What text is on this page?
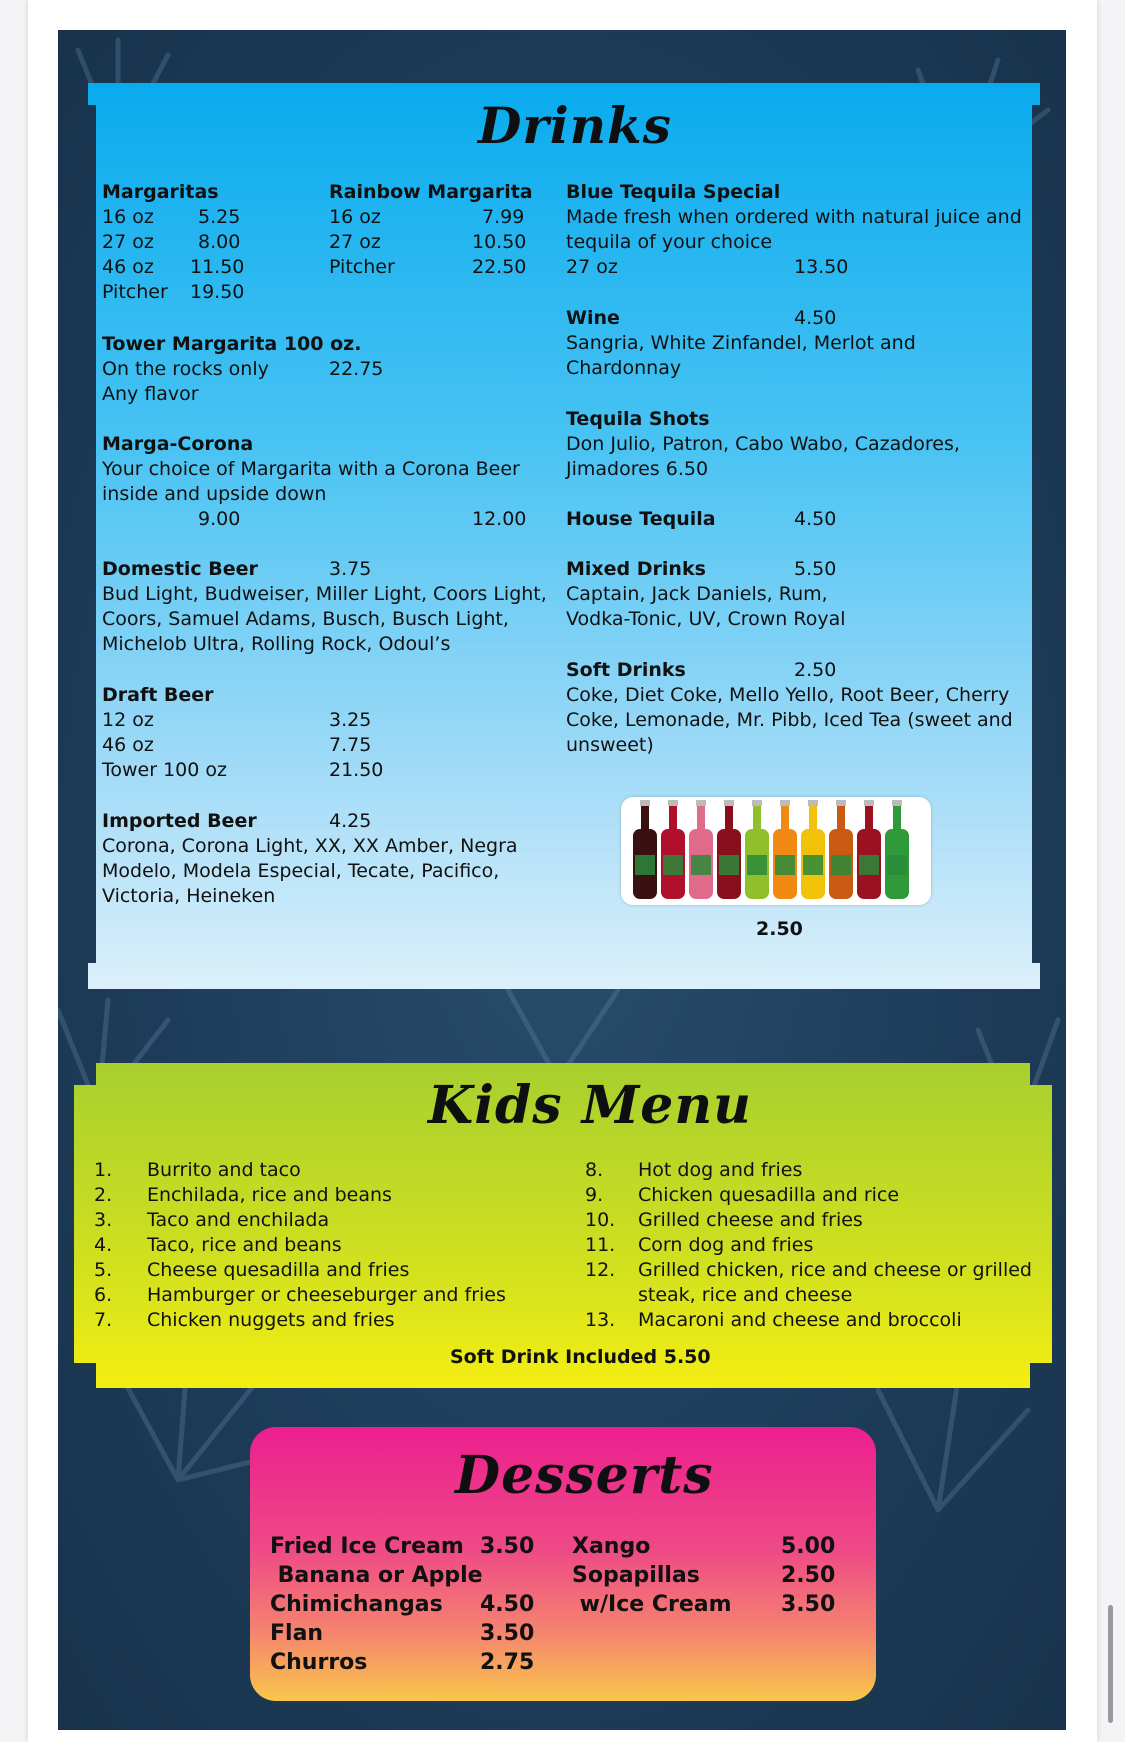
Drinks
Margaritas
16 oz 5.25
27 oz 8.00
46 oz 11.50
Pitcher 19.50
Rainbow Margarita
16 oz	7.99
27 oz	10.50
Pitcher	22.50
Tower Margarita 100 oz.
On the rocks only	22.75
Any flavor
Marga-Corona
Your choice of Margarita with a Corona Beer
inside and upside down
9.00	12.00
Domestic Beer	3.75
Bud Light, Budweiser, Miller Light, Coors Light,
Coors, Samuel Adams, Busch, Busch Light,
Michelob Ultra, Rolling Rock, Odoul’s
Draft Beer
12 oz	3.25
46 oz	7.75
Tower 100 oz	21.50
Imported Beer	4.25
Corona, Corona Light, XX, XX Amber, Negra
Modelo, Modela Especial, Tecate, Pacifico,
Victoria, Heineken
Blue Tequila Special
Made fresh when ordered with natural juice and
tequila of your choice
27 oz	13.50
Wine	4.50
Sangria, White Zinfandel, Merlot and
Chardonnay
Tequila Shots
Don Julio, Patron, Cabo Wabo, Cazadores,
Jimadores 6.50
House Tequila	4.50
Mixed Drinks	5.50
Captain, Jack Daniels, Rum,
Vodka-Tonic, UV, Crown Royal
Soft Drinks	2.50
Coke, Diet Coke, Mello Yello, Root Beer, Cherry
Coke, Lemonade, Mr. Pibb, Iced Tea (sweet and
unsweet)
2.50
Kids Menu
1. Burrito and taco
2. Enchilada, rice and beans
3. Taco and enchilada
4. Taco, rice and beans
5. Cheese quesadilla and fries
6. Hamburger or cheeseburger and fries
7. Chicken nuggets and fries
8. Hot dog and fries
9. Chicken quesadilla and rice
10. Grilled cheese and fries
11. Corn dog and fries
12. Grilled chicken, rice and cheese or grilled
steak, rice and cheese
13. Macaroni and cheese and broccoli
Soft Drink Included 5.50
Desserts
Fried Ice Cream 3.50
Banana or Apple
Chimichangas 4.50
Flan	3.50
Churros	2.75
Xango	5.00
Sopapillas	2.50
w/Ice Cream 3.50
